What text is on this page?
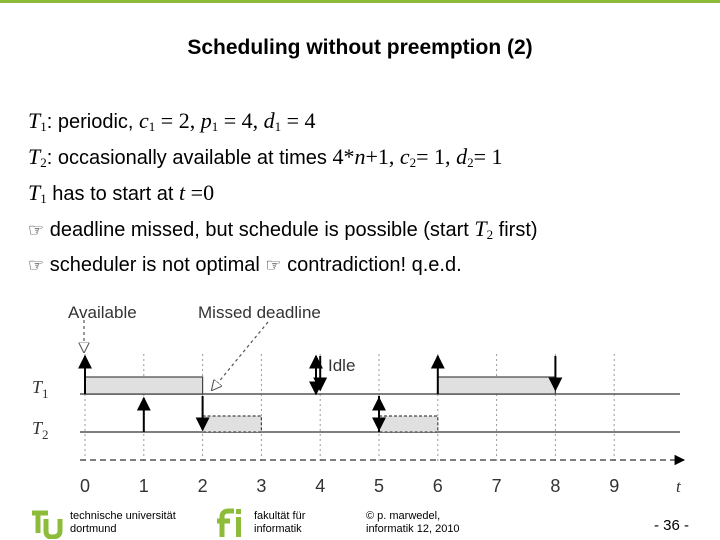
Scheduling without preemption (2)
$T_1$: periodic, $c_1 = 2$, $p_1 = 4$, $d_1 = 4$
$T_2$: occasionally available at times 4*n+1, $c_2= 1$, $d_2= 1$
$T_1$ has to start at t =0
☞ deadline missed, but schedule is possible (start $T_2$ first)
☞ scheduler is not optimal ☞ contradiction! q.e.d.
0	1	2	3	4	5	6	7	8	9
Available	Missed deadline
Idle
$T_1$
$T_2$
t
technische universität
dortmund
fakultät für
informatik
© p. marwedel,
informatik 12, 2010	- 36 -
